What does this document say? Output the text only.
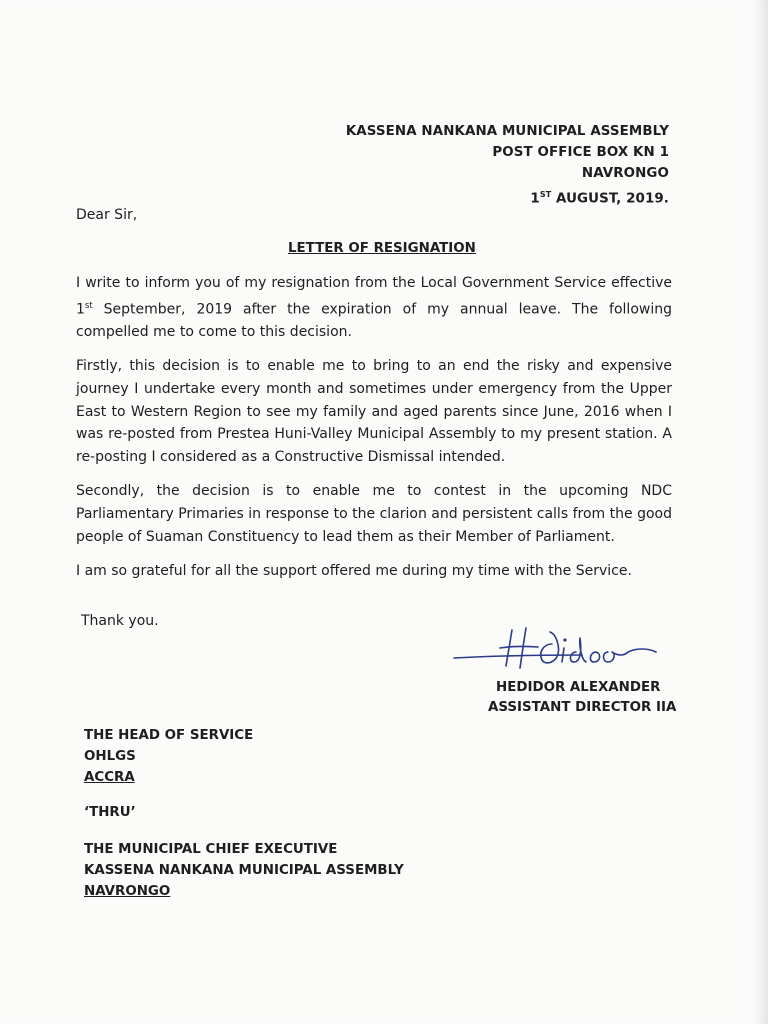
KASSENA NANKANA MUNICIPAL ASSEMBLY
POST OFFICE BOX KN 1
NAVRONGO
1ST AUGUST, 2019.
Dear Sir,
LETTER OF RESIGNATION

I write to inform you of my resignation from the Local Government Service effective 1st September, 2019 after the expiration of my annual leave. The following compelled me to come to this decision.

Firstly, this decision is to enable me to bring to an end the risky and expensive journey I undertake every month and sometimes under emergency from the Upper East to Western Region to see my family and aged parents since June, 2016 when I was re-posted from Prestea Huni-Valley Municipal Assembly to my present station. A re-posting I considered as a Constructive Dismissal intended.

Secondly, the decision is to enable me to contest in the upcoming NDC Parliamentary Primaries in response to the clarion and persistent calls from the good people of Suaman Constituency to lead them as their Member of Parliament.

I am so grateful for all the support offered me during my time with the Service.

Thank you.
HEDIDOR ALEXANDER
ASSISTANT DIRECTOR IIA
THE HEAD OF SERVICE
OHLGS
ACCRA
‘THRU’
THE MUNICIPAL CHIEF EXECUTIVE
KASSENA NANKANA MUNICIPAL ASSEMBLY
NAVRONGO
